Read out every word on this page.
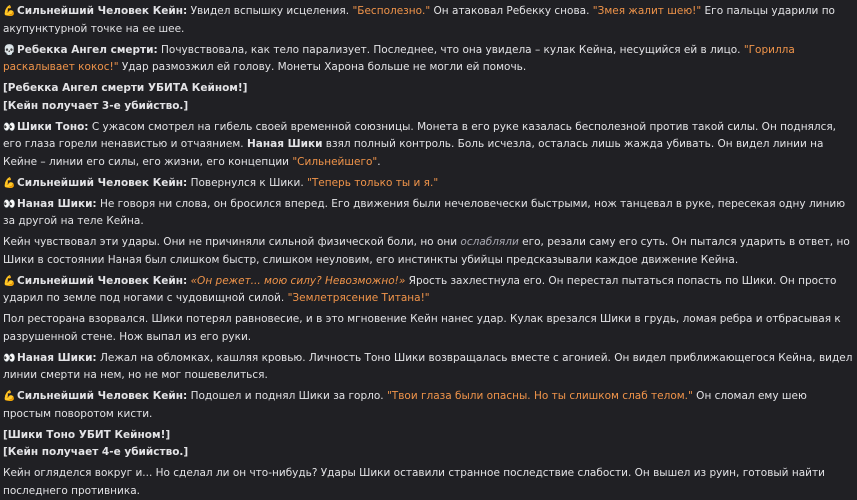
💪 Сильнейший Человек Кейн: Увидел вспышку исцеления. "Бесполезно." Он атаковал Ребекку снова. "Змея жалит шею!" Его пальцы ударили по акупунктурной точке на ее шее.
💀 Ребекка Ангел смерти: Почувствовала, как тело парализует. Последнее, что она увидела – кулак Кейна, несущийся ей в лицо. "Горилла раскалывает кокос!" Удар размозжил ей голову. Монеты Харона больше не могли ей помочь.
[Ребекка Ангел смерти УБИТА Кейном!]
[Кейн получает 3-е убийство.]
👀 Шики Тоно: С ужасом смотрел на гибель своей временной союзницы. Монета в его руке казалась бесполезной против такой силы. Он поднялся, его глаза горели ненавистью и отчаянием. Наная Шики взял полный контроль. Боль исчезла, осталась лишь жажда убивать. Он видел линии на Кейне – линии его силы, его жизни, его концепции "Сильнейшего".
💪 Сильнейший Человек Кейн: Повернулся к Шики. "Теперь только ты и я."
👀 Наная Шики: Не говоря ни слова, он бросился вперед. Его движения были нечеловечески быстрыми, нож танцевал в руке, пересекая одну линию за другой на теле Кейна.
Кейн чувствовал эти удары. Они не причиняли сильной физической боли, но они ослабляли его, резали саму его суть. Он пытался ударить в ответ, но Шики в состоянии Наная был слишком быстр, слишком неуловим, его инстинкты убийцы предсказывали каждое движение Кейна.
💪 Сильнейший Человек Кейн: «Он режет... мою силу? Невозможно!» Ярость захлестнула его. Он перестал пытаться попасть по Шики. Он просто ударил по земле под ногами с чудовищной силой. "Землетрясение Титана!"
Пол ресторана взорвался. Шики потерял равновесие, и в это мгновение Кейн нанес удар. Кулак врезался Шики в грудь, ломая ребра и отбрасывая к разрушенной стене. Нож выпал из его руки.
👀 Наная Шики: Лежал на обломках, кашляя кровью. Личность Тоно Шики возвращалась вместе с агонией. Он видел приближающегося Кейна, видел линии смерти на нем, но не мог пошевелиться.
💪 Сильнейший Человек Кейн: Подошел и поднял Шики за горло. "Твои глаза были опасны. Но ты слишком слаб телом." Он сломал ему шею простым поворотом кисти.
[Шики Тоно УБИТ Кейном!]
[Кейн получает 4-е убийство.]
Кейн огляделся вокруг и... Но сделал ли он что-нибудь? Удары Шики оставили странное последствие слабости. Он вышел из руин, готовый найти последнего противника.
